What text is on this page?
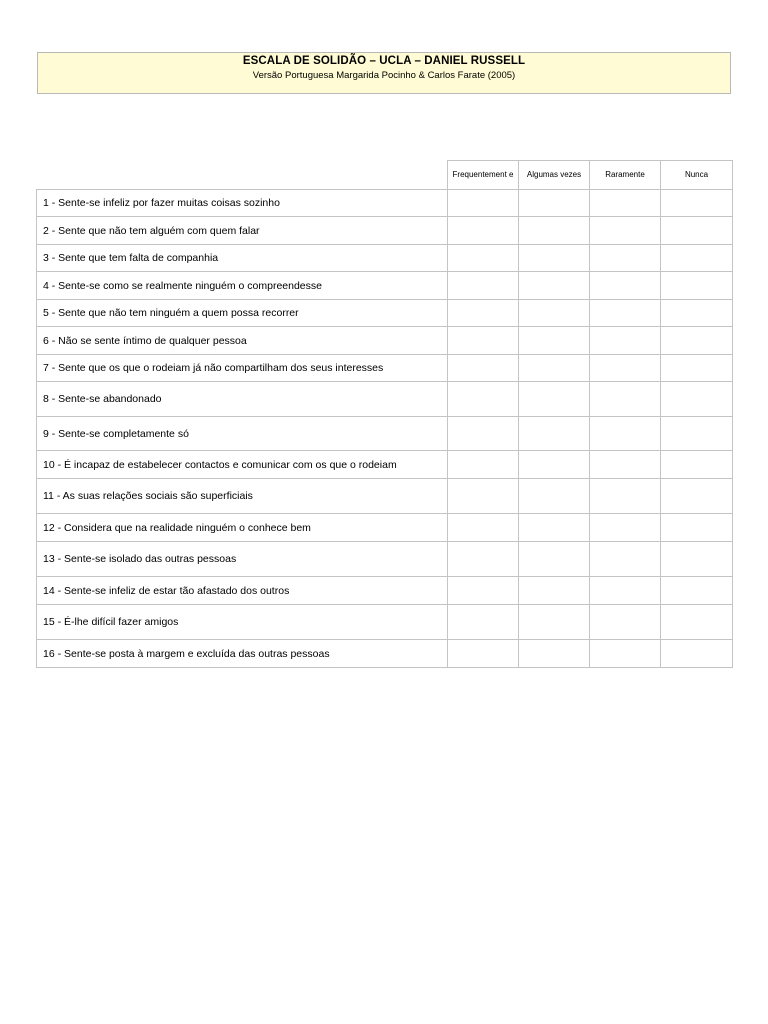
ESCALA DE SOLIDÃO – UCLA – DANIEL RUSSELL
Versão Portuguesa Margarida Pocinho & Carlos Farate (2005)
	Frequentement e	Algumas vezes	Raramente	Nunca
1 - Sente-se infeliz por fazer muitas coisas sozinho				
2 - Sente que não tem alguém com quem falar				
3 - Sente que tem falta de companhia				
4 - Sente-se como se realmente ninguém o compreendesse				
5 - Sente que não tem ninguém a quem possa recorrer				
6 - Não se sente íntimo de qualquer pessoa				
7 - Sente que os que o rodeiam já não compartilham dos seus interesses				
8 - Sente-se abandonado				
9 - Sente-se completamente só				
10 - É incapaz de estabelecer contactos e comunicar com os que o rodeiam				
11 - As suas relações sociais são superficiais				
12 - Considera que na realidade ninguém o conhece bem				
13 - Sente-se isolado das outras pessoas				
14 - Sente-se infeliz de estar tão afastado dos outros				
15 - É-lhe difícil fazer amigos				
16 - Sente-se posta à margem e excluída das outras pessoas				
